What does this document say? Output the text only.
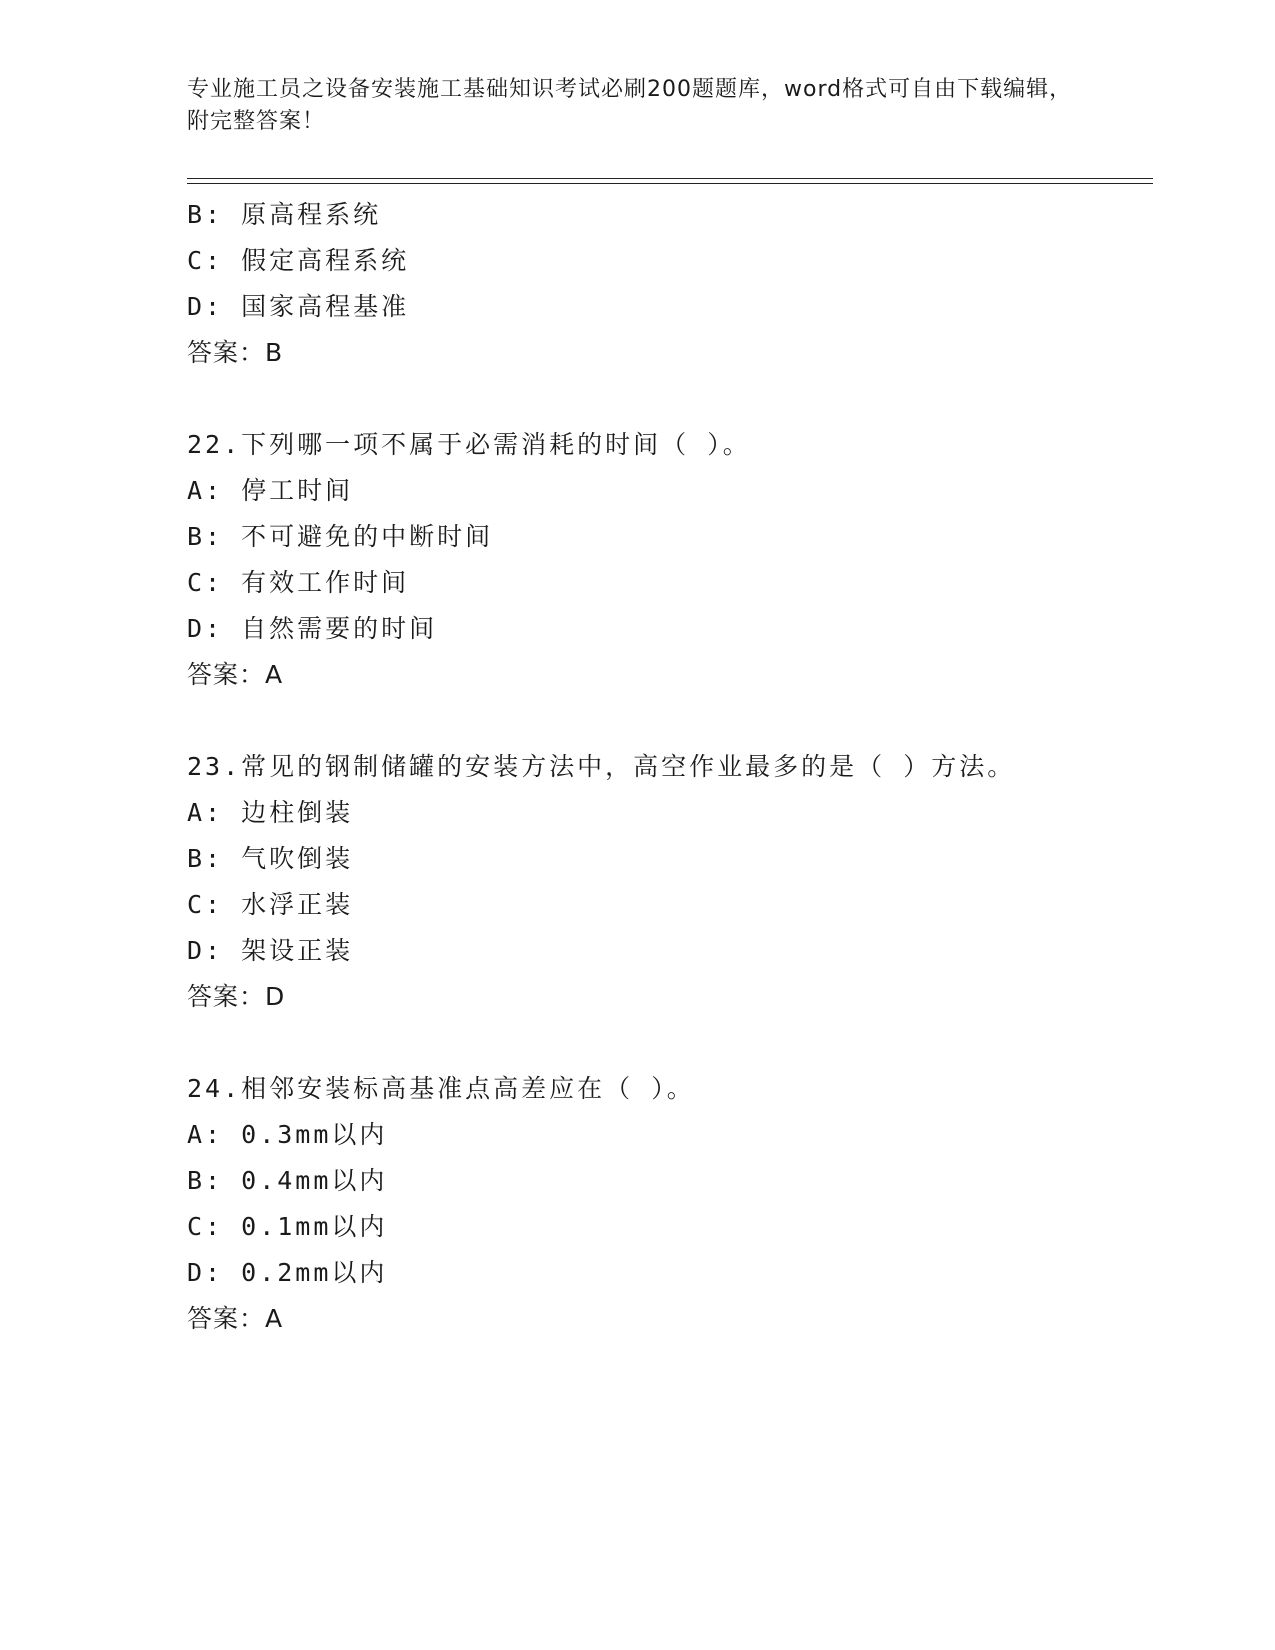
专业施工员之设备安装施工基础知识考试必刷200题题库，word格式可自由下载编辑，附完整答案！
B: 原高程系统
C: 假定高程系统
D: 国家高程基准
答案：B
22.下列哪一项不属于必需消耗的时间（ ）。
A: 停工时间
B: 不可避免的中断时间
C: 有效工作时间
D: 自然需要的时间
答案：A
23.常见的钢制储罐的安装方法中，高空作业最多的是（ ）方法。
A: 边柱倒装
B: 气吹倒装
C: 水浮正装
D: 架设正装
答案：D
24.相邻安装标高基准点高差应在（ ）。
A: 0.3mm以内
B: 0.4mm以内
C: 0.1mm以内
D: 0.2mm以内
答案：A
